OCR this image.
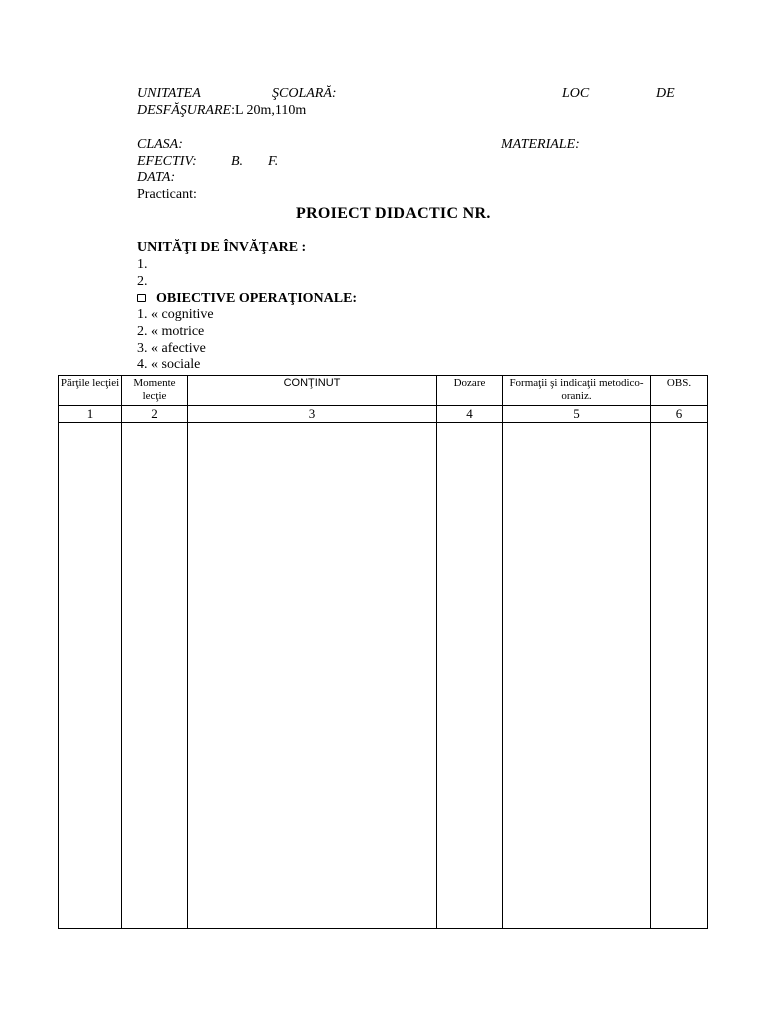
UNITATEA	ŞCOLARĂ:	LOC	DE
DESFĂŞURARE:L 20m,110m
CLASA:	MATERIALE:
EFECTIV: B. F.
DATA:
Practicant:
PROIECT DIDACTIC NR.
UNITĂŢI DE ÎNVĂŢARE :
1.
2.
OBIECTIVE OPERAŢIONALE:
1. « cognitive
2. « motrice
3. « afective
4. « sociale
Părţile lecţiei	Momente lecţie	CONŢINUT	Dozare	Formaţii şi indicaţii metodico-oraniz.	OBS.
1	2	3	4	5	6
